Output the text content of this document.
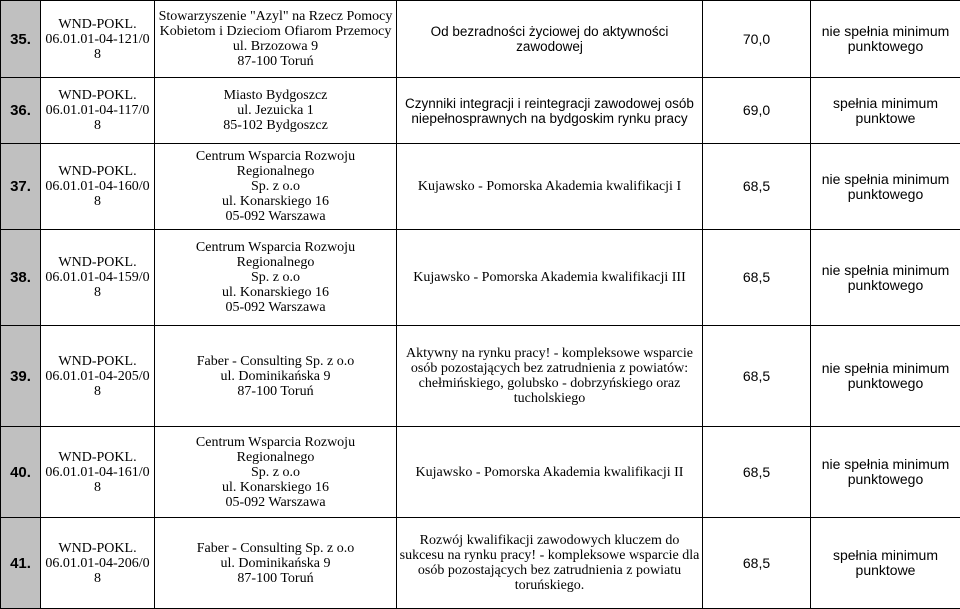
35.	WND-POKL.
06.01.01-04-121/0
8	Stowarzyszenie "Azyl" na Rzecz Pomocy
Kobietom i Dzieciom Ofiarom Przemocy
ul. Brzozowa 9
87-100 Toruń	Od bezradności życiowej do aktywności zawodowej	70,0	nie spełnia minimum
punktowego

36.	WND-POKL.
06.01.01-04-117/0
8	Miasto Bydgoszcz
ul. Jezuicka 1
85-102 Bydgoszcz	Czynniki integracji i reintegracji zawodowej osób
niepełnosprawnych na bydgoskim rynku pracy	69,0	spełnia minimum
punktowe

37.	WND-POKL.
06.01.01-04-160/0
8	Centrum Wsparcia Rozwoju Regionalnego
Sp. z o.o
ul. Konarskiego 16
05-092 Warszawa	Kujawsko - Pomorska Akademia kwalifikacji I	68,5	nie spełnia minimum
punktowego

38.	WND-POKL.
06.01.01-04-159/0
8	Centrum Wsparcia Rozwoju Regionalnego
Sp. z o.o
ul. Konarskiego 16
05-092 Warszawa	Kujawsko - Pomorska Akademia kwalifikacji III	68,5	nie spełnia minimum
punktowego

39.	WND-POKL.
06.01.01-04-205/0
8	Faber - Consulting Sp. z o.o
ul. Dominikańska 9
87-100 Toruń	Aktywny na rynku pracy! - kompleksowe wsparcie
osób pozostających bez zatrudnienia z powiatów:
chełmińskiego, golubsko - dobrzyńskiego oraz
tucholskiego	68,5	nie spełnia minimum
punktowego

40.	WND-POKL.
06.01.01-04-161/0
8	Centrum Wsparcia Rozwoju Regionalnego
Sp. z o.o
ul. Konarskiego 16
05-092 Warszawa	Kujawsko - Pomorska Akademia kwalifikacji II	68,5	nie spełnia minimum
punktowego

41.	WND-POKL.
06.01.01-04-206/0
8	Faber - Consulting Sp. z o.o
ul. Dominikańska 9
87-100 Toruń	Rozwój kwalifikacji zawodowych kluczem do
sukcesu na rynku pracy! - kompleksowe wsparcie dla
osób pozostających bez zatrudnienia z powiatu
toruńskiego.	68,5	spełnia minimum
punktowe
